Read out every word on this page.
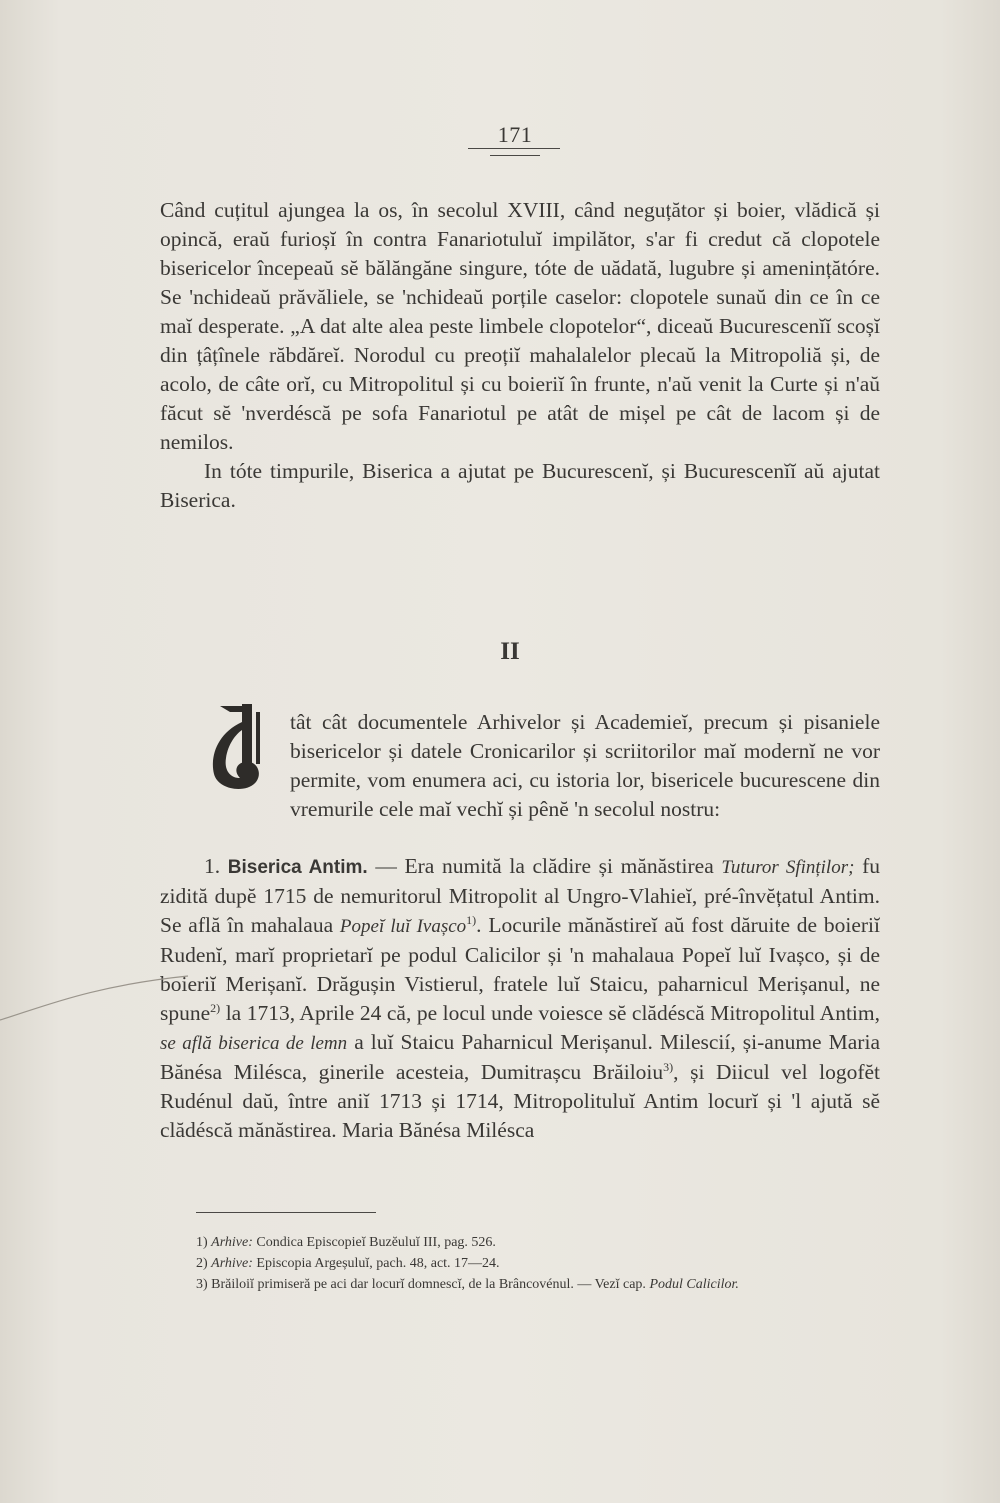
171

Când cuțitul ajungea la os, în secolul XVIII, când neguțător și boier, vlădică și opincă, eraŭ furioșĭ în contra Fanariotuluĭ impilător, s'ar fi credut că clopotele bisericelor începeaŭ sĕ bălăngăne singure, tóte de uădată, lugubre și amenințătóre. Se 'nchideaŭ prăvăliele, se 'nchideaŭ porțile caselor: clopotele sunaŭ din ce în ce maĭ desperate. „A dat alte alea peste limbele clopotelor“, diceaŭ Bucurescenĭĭ scoșĭ din țâțînele răbdăreĭ. Norodul cu preoțiĭ mahalalelor plecaŭ la Mitropoliă și, de acolo, de câte orĭ, cu Mitropolitul și cu boieriĭ în frunte, n'aŭ venit la Curte și n'aŭ făcut sĕ 'nverdéscă pe sofa Fanariotul pe atât de mișel pe cât de lacom și de nemilos.

In tóte timpurile, Biserica a ajutat pe Bucurescenĭ, și Bucurescenĭĭ aŭ ajutat Biserica.

II

tât cât documentele Arhivelor și Academieĭ, precum și pisaniele bisericelor și datele Cronicarilor și scriitorilor maĭ modernĭ ne vor permite, vom enumera aci, cu istoria lor, bisericele bucurescene din vremurile cele maĭ vechĭ și pênĕ 'n secolul nostru:

1. Biserica Antim. — Era numită la clădire și mănăstirea Tuturor Sfinților; fu zidită dupĕ 1715 de nemuritorul Mitropolit al Ungro-Vlahieĭ, pré-învĕțatul Antim. Se află în mahalaua Popeĭ luĭ Ivașco$^{1)}$. Locurile mănăstireĭ aŭ fost dăruite de boieriĭ Rudenĭ, marĭ proprietarĭ pe podul Calicilor și 'n mahalaua Popeĭ luĭ Ivașco, și de boieriĭ Merișanĭ. Drăgușin Vistierul, fratele luĭ Staicu, paharnicul Merișanul, ne spune$^{2)}$ la 1713, Aprile 24 că, pe locul unde voiesce sĕ clădéscă Mitropolitul Antim, se află biserica de lemn a luĭ Staicu Paharnicul Merișanul. Milescií, și-anume Maria Bănésa Milésca, ginerile acesteia, Dumitrașcu Brăiloiu$^{3)}$, și Diicul vel logofĕt Rudénul daŭ, între aniĭ 1713 și 1714, Mitropolituluĭ Antim locurĭ și 'l ajută sĕ clădéscă mănăstirea. Maria Bănésa Milésca

1) Arhive: Condica Episcopieĭ Buzĕuluĭ III, pag. 526.
2) Arhive: Episcopia Argeșuluĭ, pach. 48, act. 17—24.
3) Brăiloiĭ primiseră pe aci dar locurĭ domnescĭ, de la Brâncovénul. — Vezĭ cap. Podul Calicilor.
